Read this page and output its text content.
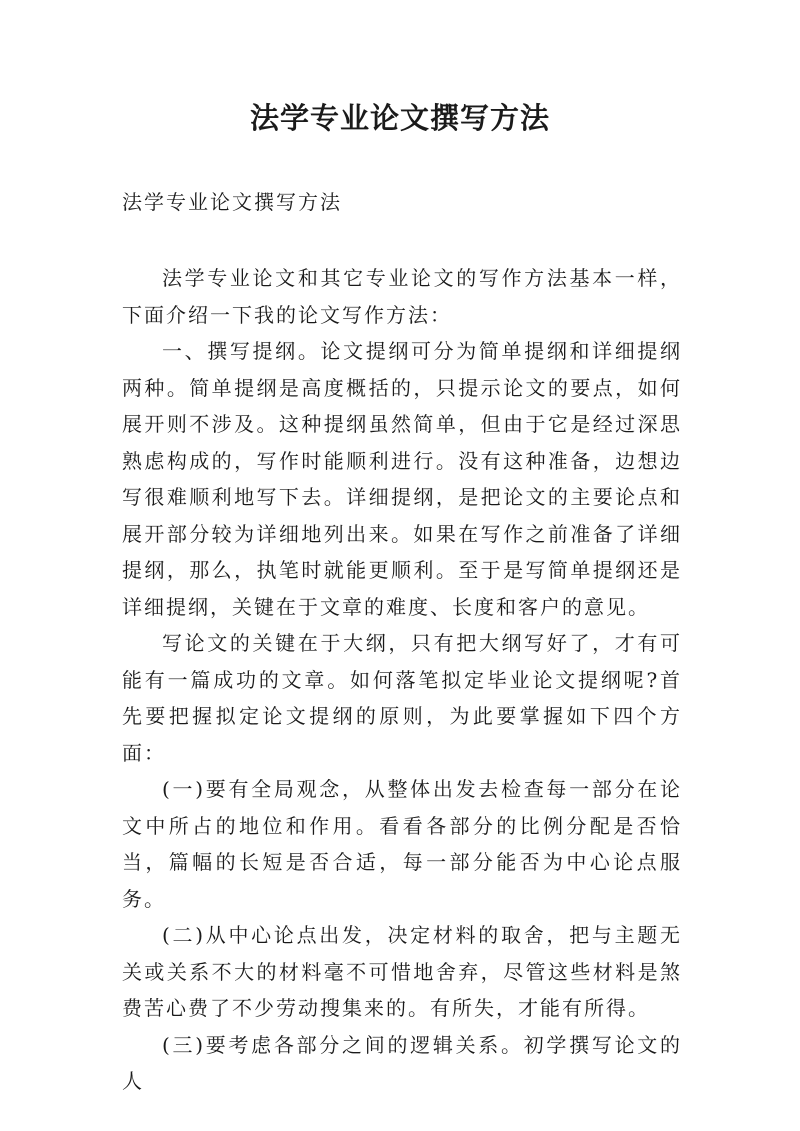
法学专业论文撰写方法
法学专业论文撰写方法

法学专业论文和其它专业论文的写作方法基本一样，下面介绍一下我的论文写作方法：

一、撰写提纲。论文提纲可分为简单提纲和详细提纲两种。简单提纲是高度概括的，只提示论文的要点，如何展开则不涉及。这种提纲虽然简单，但由于它是经过深思熟虑构成的，写作时能顺利进行。没有这种准备，边想边写很难顺利地写下去。详细提纲，是把论文的主要论点和展开部分较为详细地列出来。如果在写作之前准备了详细提纲，那么，执笔时就能更顺利。至于是写简单提纲还是详细提纲，关键在于文章的难度、长度和客户的意见。

写论文的关键在于大纲，只有把大纲写好了，才有可能有一篇成功的文章。如何落笔拟定毕业论文提纲呢?首先要把握拟定论文提纲的原则，为此要掌握如下四个方面：

(一)要有全局观念，从整体出发去检查每一部分在论文中所占的地位和作用。看看各部分的比例分配是否恰当，篇幅的长短是否合适，每一部分能否为中心论点服务。

(二)从中心论点出发，决定材料的取舍，把与主题无关或关系不大的材料毫不可惜地舍弃，尽管这些材料是煞费苦心费了不少劳动搜集来的。有所失，才能有所得。

(三)要考虑各部分之间的逻辑关系。初学撰写论文的人
